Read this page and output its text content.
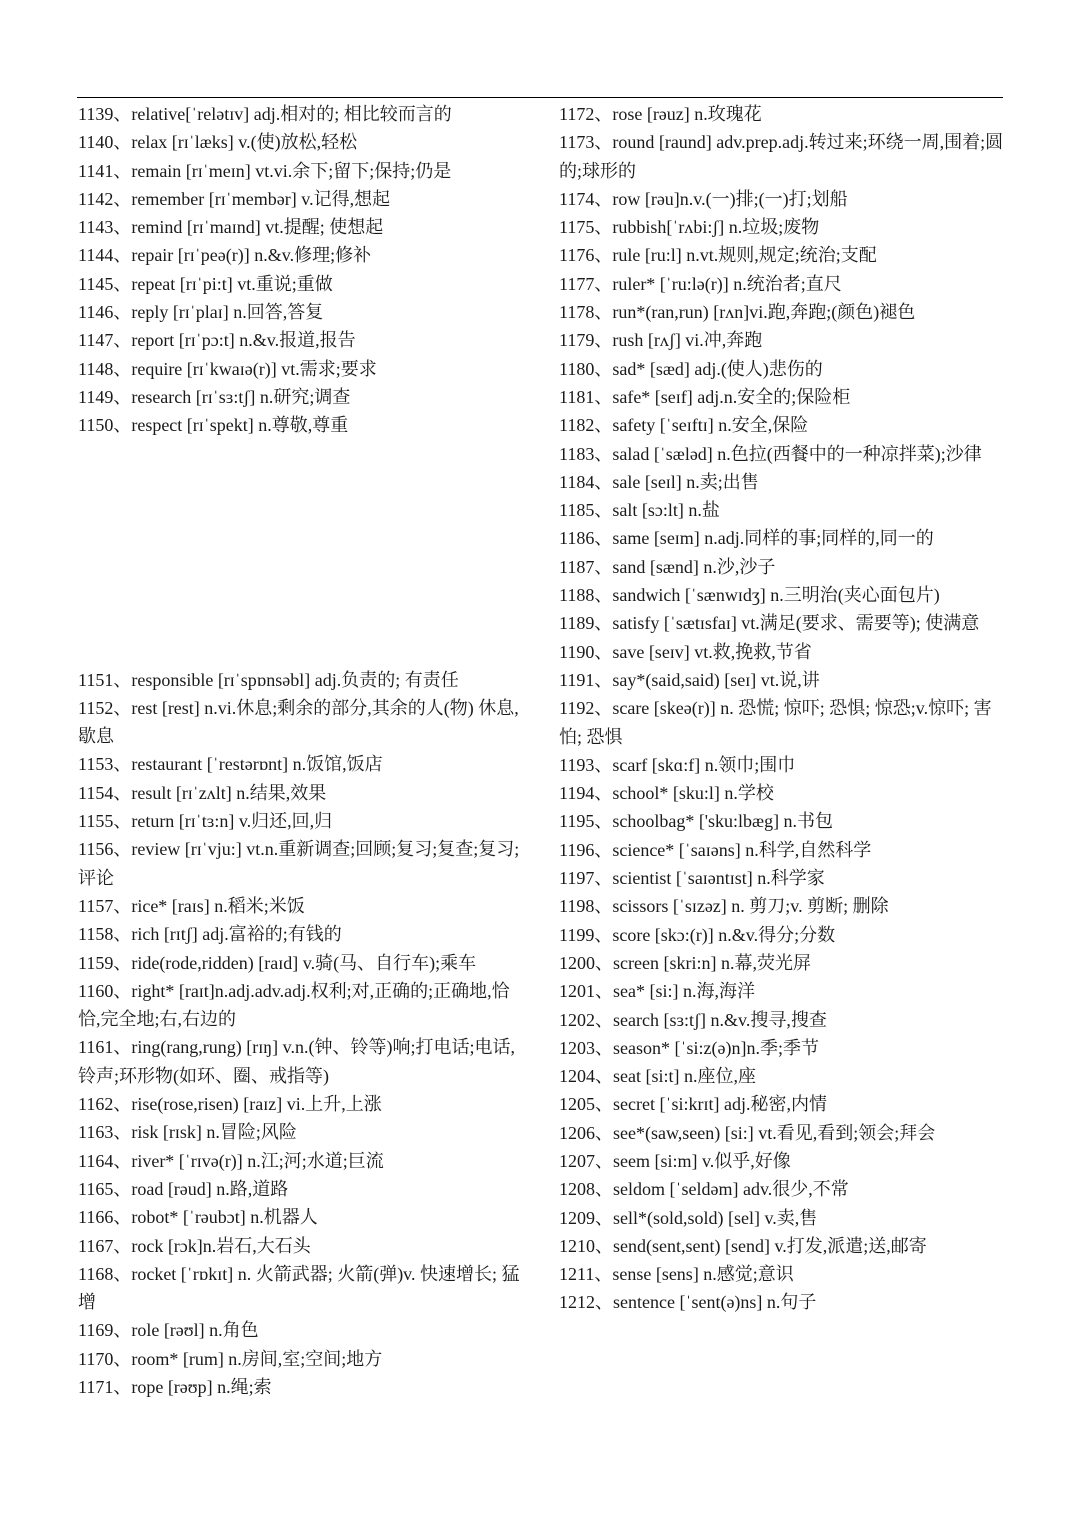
1139、relative[ˈrelətɪv] adj.相对的; 相比较而言的
1140、relax [rɪˈlæks] v.(使)放松,轻松
1141、remain [rɪˈmeɪn] vt.vi.余下;留下;保持;仍是
1142、remember [rɪˈmembər] v.记得,想起
1143、remind [rɪˈmaɪnd] vt.提醒; 使想起
1144、repair [rɪˈpeə(r)] n.&v.修理;修补
1145、repeat [rɪˈpi:t] vt.重说;重做
1146、reply [rɪˈplaɪ] n.回答,答复
1147、report [rɪˈpɔ:t] n.&v.报道,报告
1148、require [rɪˈkwaɪə(r)] vt.需求;要求
1149、research [rɪˈsɜ:tʃ] n.研究;调查
1150、respect [rɪˈspekt] n.尊敬,尊重
1151、responsible [rɪˈspɒnsəbl] adj.负责的; 有责任
1152、rest [rest] n.vi.休息;剩余的部分,其余的人(物) 休息,歇息
1153、restaurant [ˈrestərɒnt] n.饭馆,饭店
1154、result [rɪˈzʌlt] n.结果,效果
1155、return [rɪˈtɜ:n] v.归还,回,归
1156、review [rɪˈvju:] vt.n.重新调查;回顾;复习;复查;复习;评论
1157、rice* [raɪs] n.稻米;米饭
1158、rich [rɪtʃ] adj.富裕的;有钱的
1159、ride(rode,ridden) [raɪd] v.骑(马、自行车);乘车
1160、right* [raɪt]n.adj.adv.adj.权利;对,正确的;正确地,恰恰,完全地;右,右边的
1161、ring(rang,rung) [rɪŋ] v.n.(钟、铃等)响;打电话;电话,铃声;环形物(如环、圈、戒指等)
1162、rise(rose,risen) [raɪz] vi.上升,上涨
1163、risk [rɪsk] n.冒险;风险
1164、river* [ˈrɪvə(r)] n.江;河;水道;巨流
1165、road [rəud] n.路,道路
1166、robot* [ˈrəubɔt] n.机器人
1167、rock [rɔk]n.岩石,大石头
1168、rocket [ˈrɒkɪt] n. 火箭武器; 火箭(弹)v. 快速增长; 猛增
1169、role [rəʊl] n.角色
1170、room* [rum] n.房间,室;空间;地方
1171、rope [rəʊp] n.绳;索
1172、rose [rəuz] n.玫瑰花
1173、round [raund] adv.prep.adj.转过来;环绕一周,围着;圆的;球形的
1174、row [rəu]n.v.(一)排;(一)打;划船
1175、rubbish[ˈrʌbi:ʃ] n.垃圾;废物
1176、rule [ru:l] n.vt.规则,规定;统治;支配
1177、ruler* [ˈru:lə(r)] n.统治者;直尺
1178、run*(ran,run) [rʌn]vi.跑,奔跑;(颜色)褪色
1179、rush [rʌʃ] vi.冲,奔跑
1180、sad* [sæd] adj.(使人)悲伤的
1181、safe* [seɪf] adj.n.安全的;保险柜
1182、safety [ˈseɪftɪ] n.安全,保险
1183、salad [ˈsæləd] n.色拉(西餐中的一种凉拌菜);沙律
1184、sale [seɪl] n.卖;出售
1185、salt [sɔ:lt] n.盐
1186、same [seɪm] n.adj.同样的事;同样的,同一的
1187、sand [sænd] n.沙,沙子
1188、sandwich [ˈsænwɪdʒ] n.三明治(夹心面包片)
1189、satisfy [ˈsætɪsfaɪ] vt.满足(要求、需要等); 使满意
1190、save [seɪv] vt.救,挽救,节省
1191、say*(said,said) [seɪ] vt.说,讲
1192、scare [skeə(r)] n. 恐慌; 惊吓; 恐惧; 惊恐;v.惊吓; 害怕; 恐惧
1193、scarf [skɑ:f] n.领巾;围巾
1194、school* [sku:l] n.学校
1195、schoolbag* ['sku:lbæg] n.书包
1196、science* [ˈsaɪəns] n.科学,自然科学
1197、scientist [ˈsaɪəntɪst] n.科学家
1198、scissors [ˈsɪzəz] n. 剪刀;v. 剪断; 删除
1199、score [skɔ:(r)] n.&v.得分;分数
1200、screen [skri:n] n.幕,荧光屏
1201、sea* [si:] n.海,海洋
1202、search [sɜ:tʃ] n.&v.搜寻,搜查
1203、season* [ˈsi:z(ə)n]n.季;季节
1204、seat [si:t] n.座位,座
1205、secret [ˈsi:krɪt] adj.秘密,内情
1206、see*(saw,seen) [si:] vt.看见,看到;领会;拜会
1207、seem [si:m] v.似乎,好像
1208、seldom [ˈseldəm] adv.很少,不常
1209、sell*(sold,sold) [sel] v.卖,售
1210、send(sent,sent) [send] v.打发,派遣;送,邮寄
1211、sense [sens] n.感觉;意识
1212、sentence [ˈsent(ə)ns] n.句子
